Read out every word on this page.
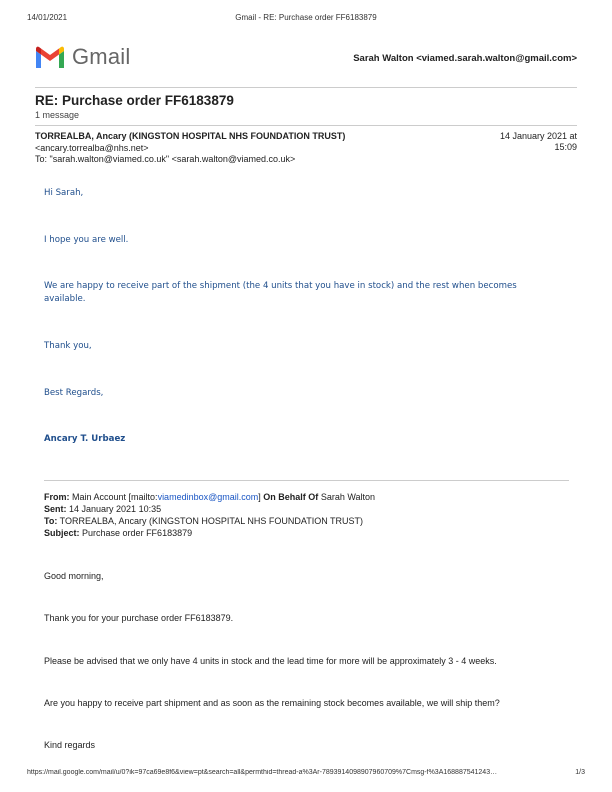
14/01/2021	Gmail - RE: Purchase order FF6183879
Gmail	Sarah Walton <viamed.sarah.walton@gmail.com>
RE: Purchase order FF6183879
1 message
TORREALBA, Ancary (KINGSTON HOSPITAL NHS FOUNDATION TRUST)
<ancary.torrealba@nhs.net>
To: "sarah.walton@viamed.co.uk" <sarah.walton@viamed.co.uk>
14 January 2021 at
15:09
Hi Sarah,
I hope you are well.
We are happy to receive part of the shipment (the 4 units that you have in stock) and the rest when becomes available.
Thank you,
Best Regards,
Ancary T. Urbaez
From: Main Account [mailto:viamedinbox@gmail.com] On Behalf Of Sarah Walton
Sent: 14 January 2021 10:35
To: TORREALBA, Ancary (KINGSTON HOSPITAL NHS FOUNDATION TRUST)
Subject: Purchase order FF6183879
Good morning,
Thank you for your purchase order FF6183879.
Please be advised that we only have 4 units in stock and the lead time for more will be approximately 3 - 4 weeks.
Are you happy to receive part shipment and as soon as the remaining stock becomes available, we will ship them?
Kind regards
https://mail.google.com/mail/u/0?ik=97ca69e8f6&view=pt&search=all&permthid=thread-a%3Ar-7893914098907960709%7Cmsg-f%3A168887541243…	1/3
